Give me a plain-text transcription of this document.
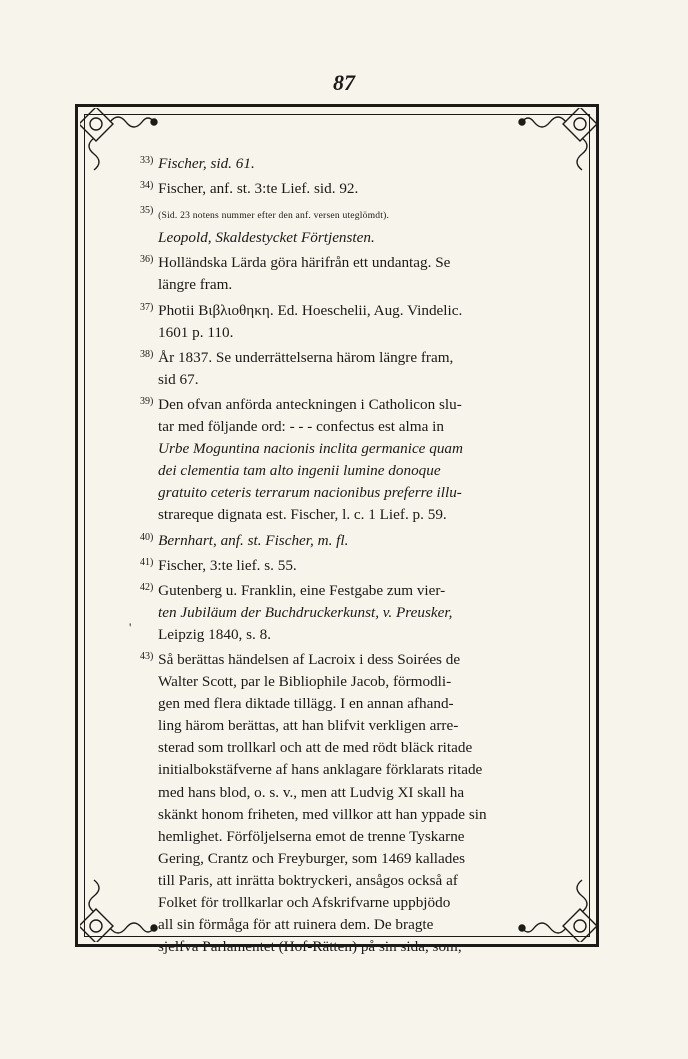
87
'

$^{33)}$ Fischer, sid. 61.

$^{34)}$ Fischer, anf. st. 3:te Lief. sid. 92.

$^{35)}$ (Sid. 23 notens nummer efter den anf. versen uteglömdt).

Leopold, Skaldestycket Förtjensten.

$^{36)}$ Holländska Lärda göra härifrån ett undantag. Se

längre fram.

$^{37)}$ Photii Βιβλιοθηκη. Ed. Hoeschelii, Aug. Vindelic.

1601 p. 110.

$^{38)}$ År 1837. Se underrättelserna härom längre fram,

sid 67.

$^{39)}$ Den ofvan anförda anteckningen i Catholicon slu-

tar med följande ord: - - - confectus est alma in

Urbe Moguntina nacionis inclita germanice quam

dei clementia tam alto ingenii lumine donoque

gratuito ceteris terrarum nacionibus preferre illu-

strareque dignata est. Fischer, l. c. 1 Lief. p. 59.

$^{40)}$ Bernhart, anf. st. Fischer, m. fl.

$^{41)}$ Fischer, 3:te lief. s. 55.

$^{42)}$ Gutenberg u. Franklin, eine Festgabe zum vier-

ten Jubiläum der Buchdruckerkunst, v. Preusker,

Leipzig 1840, s. 8.

$^{43)}$ Så berättas händelsen af Lacroix i dess Soirées de

Walter Scott, par le Bibliophile Jacob, förmodli-

gen med flera diktade tillägg. I en annan afhand-

ling härom berättas, att han blifvit verkligen arre-

sterad som trollkarl och att de med rödt bläck ritade

initialbokstäfverne af hans anklagare förklarats ritade

med hans blod, o. s. v., men att Ludvig XI skall ha

skänkt honom friheten, med villkor att han yppade sin

hemlighet. Förföljelserna emot de trenne Tyskarne

Gering, Crantz och Freyburger, som 1469 kallades

till Paris, att inrätta boktryckeri, ansågos också af

Folket för trollkarlar och Afskrifvarne uppbjödo

all sin förmåga för att ruinera dem. De bragte

sjelfva Parlamentet (Hof-Rätten) på sin sida, som,
